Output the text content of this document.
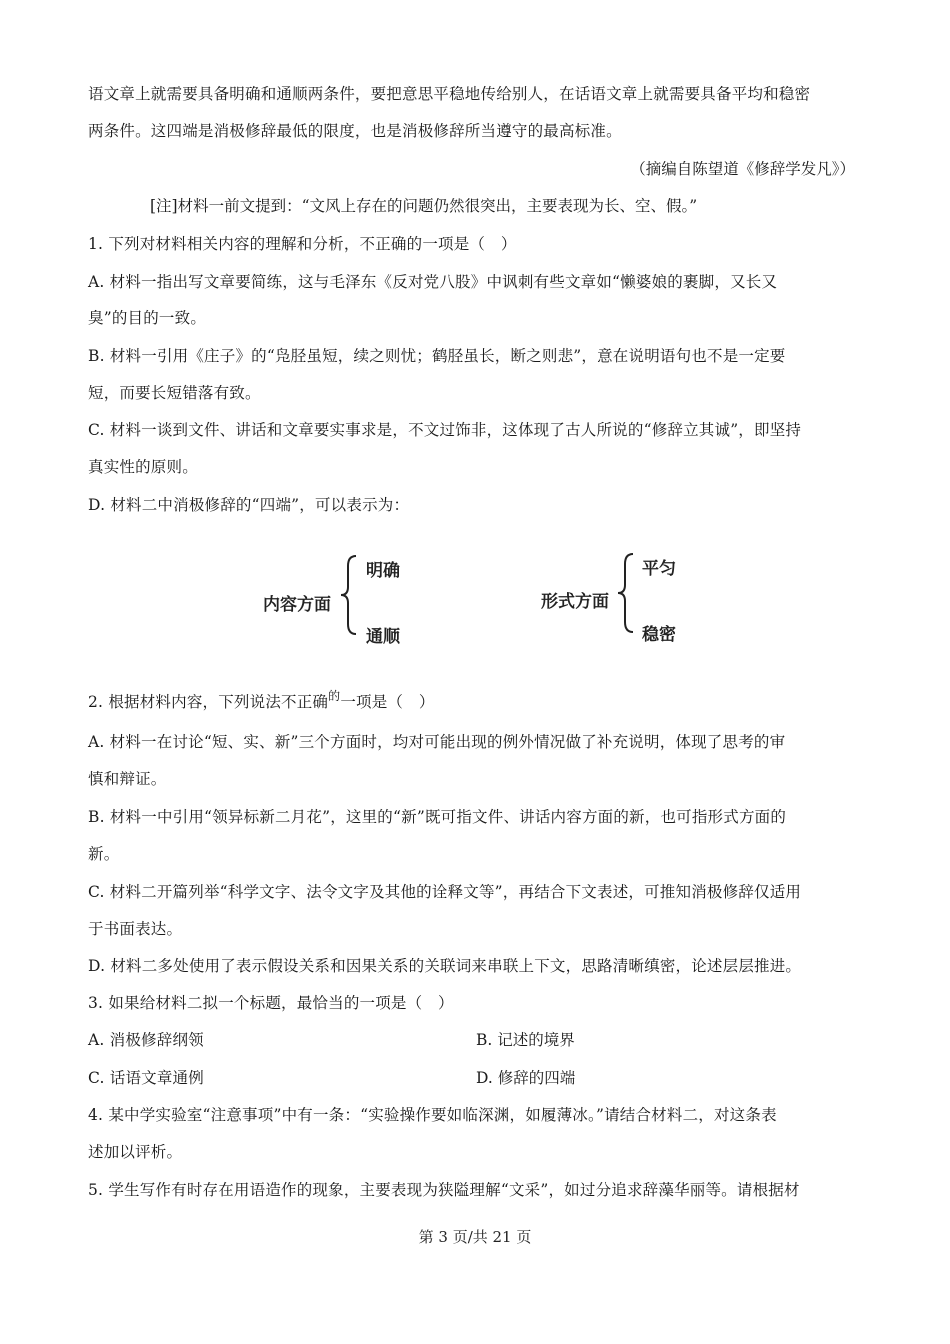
语文章上就需要具备明确和通顺两条件，要把意思平稳地传给别人，在话语文章上就需要具备平均和稳密
两条件。这四端是消极修辞最低的限度，也是消极修辞所当遵守的最高标准。
（摘编自陈望道《修辞学发凡》）
[注]材料一前文提到：“文风上存在的问题仍然很突出，主要表现为长、空、假。”
1. 下列对材料相关内容的理解和分析，不正确的一项是（　）
A. 材料一指出写文章要简练，这与毛泽东《反对党八股》中讽刺有些文章如“懒婆娘的裹脚，又长又
臭”的目的一致。
B. 材料一引用《庄子》的“凫胫虽短，续之则忧；鹤胫虽长，断之则悲”，意在说明语句也不是一定要
短，而要长短错落有致。
C. 材料一谈到文件、讲话和文章要实事求是，不文过饰非，这体现了古人所说的“修辞立其诚”，即坚持
真实性的原则。
D. 材料二中消极修辞的“四端”，可以表示为：
内容方面
明确
通顺
形式方面
平匀
稳密
2. 根据材料内容，下列说法不正确$^的$一项是（　）
A. 材料一在讨论“短、实、新”三个方面时，均对可能出现的例外情况做了补充说明，体现了思考的审
慎和辩证。
B. 材料一中引用“领异标新二月花”，这里的“新”既可指文件、讲话内容方面的新，也可指形式方面的
新。
C. 材料二开篇列举“科学文字、法令文字及其他的诠释文等”，再结合下文表述，可推知消极修辞仅适用
于书面表达。
D. 材料二多处使用了表示假设关系和因果关系的关联词来串联上下文，思路清晰缜密，论述层层推进。
3. 如果给材料二拟一个标题，最恰当的一项是（　）
A. 消极修辞纲领	B. 记述的境界
C. 话语文章通例	D. 修辞的四端
4. 某中学实验室“注意事项”中有一条：“实验操作要如临深渊，如履薄冰。”请结合材料二，对这条表
述加以评析。
5. 学生写作有时存在用语造作的现象，主要表现为狭隘理解“文采”，如过分追求辞藻华丽等。请根据材
第 3 页/共 21 页
